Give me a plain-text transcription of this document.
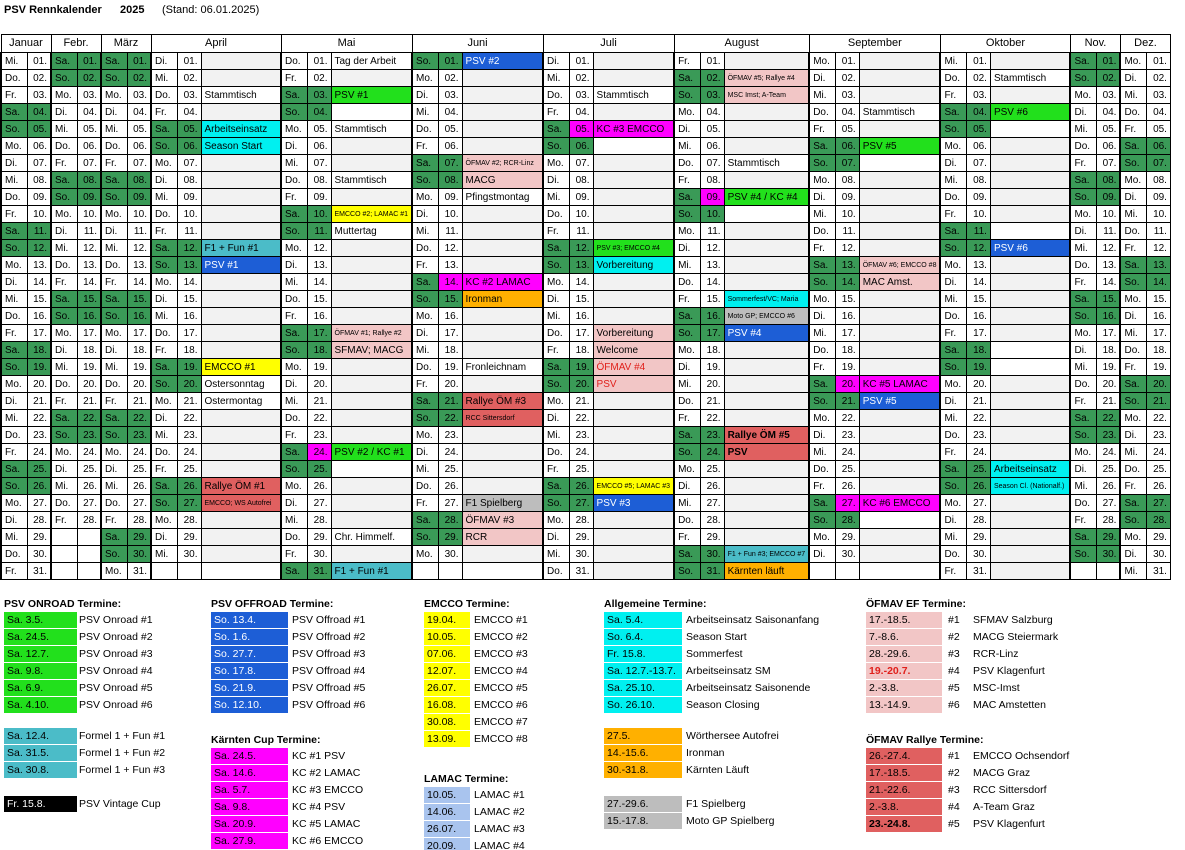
PSV Rennkalender 2025 (Stand: 06.01.2025)
Januar		Febr.		März		April			Mai			Juni			Juli			August			September			Oktober			Nov.		Dez.	
Mi.	01.	Sa.	01.	Sa.	01.	Di.	01.		Do.	01.	Tag der Arbeit	So.	01.	PSV #2	Di.	01.		Fr.	01.		Mo.	01.		Mi.	01.		Sa.	01.	Mo.	01.
Do.	02.	So.	02.	So.	02.	Mi.	02.		Fr.	02.		Mo.	02.		Mi.	02.		Sa.	02.	ÖFMAV #5; Rallye #4	Di.	02.		Do.	02.	Stammtisch	So.	02.	Di.	02.
Fr.	03.	Mo.	03.	Mo.	03.	Do.	03.	Stammtisch	Sa.	03.	PSV #1	Di.	03.		Do.	03.	Stammtisch	So.	03.	MSC Imst; A-Team	Mi.	03.		Fr.	03.		Mo.	03.	Mi.	03.
Sa.	04.	Di.	04.	Di.	04.	Fr.	04.		So.	04.		Mi.	04.		Fr.	04.		Mo.	04.		Do.	04.	Stammtisch	Sa.	04.	PSV #6	Di.	04.	Do.	04.
So.	05.	Mi.	05.	Mi.	05.	Sa.	05.	Arbeitseinsatz	Mo.	05.	Stammtisch	Do.	05.		Sa.	05.	KC #3 EMCCO	Di.	05.		Fr.	05.		So.	05.		Mi.	05.	Fr.	05.
Mo.	06.	Do.	06.	Do.	06.	So.	06.	Season Start	Di.	06.		Fr.	06.		So.	06.		Mi.	06.		Sa.	06.	PSV #5	Mo.	06.		Do.	06.	Sa.	06.
Di.	07.	Fr.	07.	Fr.	07.	Mo.	07.		Mi.	07.		Sa.	07.	ÖFMAV #2; RCR-Linz	Mo.	07.		Do.	07.	Stammtisch	So.	07.		Di.	07.		Fr.	07.	So.	07.
Mi.	08.	Sa.	08.	Sa.	08.	Di.	08.		Do.	08.	Stammtisch	So.	08.	MACG	Di.	08.		Fr.	08.		Mo.	08.		Mi.	08.		Sa.	08.	Mo.	08.
Do.	09.	So.	09.	So.	09.	Mi.	09.		Fr.	09.		Mo.	09.	Pfingstmontag	Mi.	09.		Sa.	09.	PSV #4 / KC #4	Di.	09.		Do.	09.		So.	09.	Di.	09.
Fr.	10.	Mo.	10.	Mo.	10.	Do.	10.		Sa.	10.	EMCCO #2; LAMAC #1	Di.	10.		Do.	10.		So.	10.		Mi.	10.		Fr.	10.		Mo.	10.	Mi.	10.
Sa.	11.	Di.	11.	Di.	11.	Fr.	11.		So.	11.	Muttertag	Mi.	11.		Fr.	11.		Mo.	11.		Do.	11.		Sa.	11.		Di.	11.	Do.	11.
So.	12.	Mi.	12.	Mi.	12.	Sa.	12.	F1 + Fun #1	Mo.	12.		Do.	12.		Sa.	12.	PSV #3; EMCCO #4	Di.	12.		Fr.	12.		So.	12.	PSV #6	Mi.	12.	Fr.	12.
Mo.	13.	Do.	13.	Do.	13.	So.	13.	PSV #1	Di.	13.		Fr.	13.		So.	13.	Vorbereitung	Mi.	13.		Sa.	13.	ÖFMAV #6; EMCCO #8	Mo.	13.		Do.	13.	Sa.	13.
Di.	14.	Fr.	14.	Fr.	14.	Mo.	14.		Mi.	14.		Sa.	14.	KC #2 LAMAC	Mo.	14.		Do.	14.		So.	14.	MAC Amst.	Di.	14.		Fr.	14.	So.	14.
Mi.	15.	Sa.	15.	Sa.	15.	Di.	15.		Do.	15.		So.	15.	Ironman	Di.	15.		Fr.	15.	Sommerfest/VC; Maria	Mo.	15.		Mi.	15.		Sa.	15.	Mo.	15.
Do.	16.	So.	16.	So.	16.	Mi.	16.		Fr.	16.		Mo.	16.		Mi.	16.		Sa.	16.	Moto GP; EMCCO #6	Di.	16.		Do.	16.		So.	16.	Di.	16.
Fr.	17.	Mo.	17.	Mo.	17.	Do.	17.		Sa.	17.	ÖFMAV #1; Rallye #2	Di.	17.		Do.	17.	Vorbereitung	So.	17.	PSV #4	Mi.	17.		Fr.	17.		Mo.	17.	Mi.	17.
Sa.	18.	Di.	18.	Di.	18.	Fr.	18.		So.	18.	SFMAV; MACG	Mi.	18.		Fr.	18.	Welcome	Mo.	18.		Do.	18.		Sa.	18.		Di.	18.	Do.	18.
So.	19.	Mi.	19.	Mi.	19.	Sa.	19.	EMCCO #1	Mo.	19.		Do.	19.	Fronleichnam	Sa.	19.	ÖFMAV #4	Di.	19.		Fr.	19.		So.	19.		Mi.	19.	Fr.	19.
Mo.	20.	Do.	20.	Do.	20.	So.	20.	Ostersonntag	Di.	20.		Fr.	20.		So.	20.	PSV	Mi.	20.		Sa.	20.	KC #5 LAMAC	Mo.	20.		Do.	20.	Sa.	20.
Di.	21.	Fr.	21.	Fr.	21.	Mo.	21.	Ostermontag	Mi.	21.		Sa.	21.	Rallye ÖM #3	Mo.	21.		Do.	21.		So.	21.	PSV #5	Di.	21.		Fr.	21.	So.	21.
Mi.	22.	Sa.	22.	Sa.	22.	Di.	22.		Do.	22.		So.	22.	RCC Sittersdorf	Di.	22.		Fr.	22.		Mo.	22.		Mi.	22.		Sa.	22.	Mo.	22.
Do.	23.	So.	23.	So.	23.	Mi.	23.		Fr.	23.		Mo.	23.		Mi.	23.		Sa.	23.	Rallye ÖM #5	Di.	23.		Do.	23.		So.	23.	Di.	23.
Fr.	24.	Mo.	24.	Mo.	24.	Do.	24.		Sa.	24.	PSV #2 / KC #1	Di.	24.		Do.	24.		So.	24.	PSV	Mi.	24.		Fr.	24.		Mo.	24.	Mi.	24.
Sa.	25.	Di.	25.	Di.	25.	Fr.	25.		So.	25.		Mi.	25.		Fr.	25.		Mo.	25.		Do.	25.		Sa.	25.	Arbeitseinsatz	Di.	25.	Do.	25.
So.	26.	Mi.	26.	Mi.	26.	Sa.	26.	Rallye ÖM #1	Mo.	26.		Do.	26.		Sa.	26.	EMCCO #5; LAMAC #3	Di.	26.		Fr.	26.		So.	26.	Season Cl. (Nationalf.)	Mi.	26.	Fr.	26.
Mo.	27.	Do.	27.	Do.	27.	So.	27.	EMCCO; WS Autofrei	Di.	27.		Fr.	27.	F1 Spielberg	So.	27.	PSV #3	Mi.	27.		Sa.	27.	KC #6 EMCCO	Mo.	27.		Do.	27.	Sa.	27.
Di.	28.	Fr.	28.	Fr.	28.	Mo.	28.		Mi.	28.		Sa.	28.	ÖFMAV #3	Mo.	28.		Do.	28.		So.	28.		Di.	28.		Fr.	28.	So.	28.
Mi.	29.			Sa.	29.	Di.	29.		Do.	29.	Chr. Himmelf.	So.	29.	RCR	Di.	29.		Fr.	29.		Mo.	29.		Mi.	29.		Sa.	29.	Mo.	29.
Do.	30.			So.	30.	Mi.	30.		Fr.	30.		Mo.	30.		Mi.	30.		Sa.	30.	F1 + Fun #3; EMCCO #7	Di.	30.		Do.	30.		So.	30.	Di.	30.
Fr.	31.			Mo.	31.				Sa.	31.	F1 + Fun #1				Do.	31.		So.	31.	Kärnten läuft				Fr.	31.				Mi.	31.
PSV ONROAD Termine:
Sa. 3.5.	PSV Onroad #1
Sa. 24.5.	PSV Onroad #2
Sa. 12.7.	PSV Onroad #3
Sa. 9.8.	PSV Onroad #4
Sa. 6.9.	PSV Onroad #5
Sa. 4.10.	PSV Onroad #6
Sa. 12.4.	Formel 1 + Fun #1
Sa. 31.5.	Formel 1 + Fun #2
Sa. 30.8.	Formel 1 + Fun #3
Fr. 15.8.	PSV Vintage Cup
PSV OFFROAD Termine:
So. 13.4.	PSV Offroad #1
So. 1.6.	PSV Offroad #2
So. 27.7.	PSV Offroad #3
So. 17.8.	PSV Offroad #4
So. 21.9.	PSV Offroad #5
So. 12.10.	PSV Offroad #6
Kärnten Cup Termine:
Sa. 24.5.	KC #1 PSV
Sa. 14.6.	KC #2 LAMAC
Sa. 5.7.	KC #3 EMCCO
Sa. 9.8.	KC #4 PSV
Sa. 20.9.	KC #5 LAMAC
Sa. 27.9.	KC #6 EMCCO
EMCCO Termine:
19.04.	EMCCO #1
10.05.	EMCCO #2
07.06.	EMCCO #3
12.07.	EMCCO #4
26.07.	EMCCO #5
16.08.	EMCCO #6
30.08.	EMCCO #7
13.09.	EMCCO #8
LAMAC Termine:
10.05.	LAMAC #1
14.06.	LAMAC #2
26.07.	LAMAC #3
20.09.	LAMAC #4
Allgemeine Termine:
Sa. 5.4.	Arbeitseinsatz Saisonanfang
So. 6.4.	Season Start
Fr. 15.8.	Sommerfest
Sa. 12.7.-13.7. Arbeitseinsatz SM
Sa. 25.10.	Arbeitseinsatz Saisonende
So. 26.10.	Season Closing
27.5.	Wörthersee Autofrei
14.-15.6.	Ironman
30.-31.8.	Kärnten Läuft
27.-29.6.	F1 Spielberg
15.-17.8.	Moto GP Spielberg
ÖFMAV EF Termine:
17.-18.5.	#1 SFMAV Salzburg
7.-8.6.	#2 MACG Steiermark
28.-29.6.	#3 RCR-Linz
19.-20.7.	#4 PSV Klagenfurt
2.-3.8.	#5 MSC-Imst
13.-14.9.	#6 MAC Amstetten
ÖFMAV Rallye Termine:
26.-27.4.	#1 EMCCO Ochsendorf
17.-18.5.	#2 MACG Graz
21.-22.6.	#3 RCC Sittersdorf
2.-3.8.	#4 A-Team Graz
23.-24.8.	#5 PSV Klagenfurt
